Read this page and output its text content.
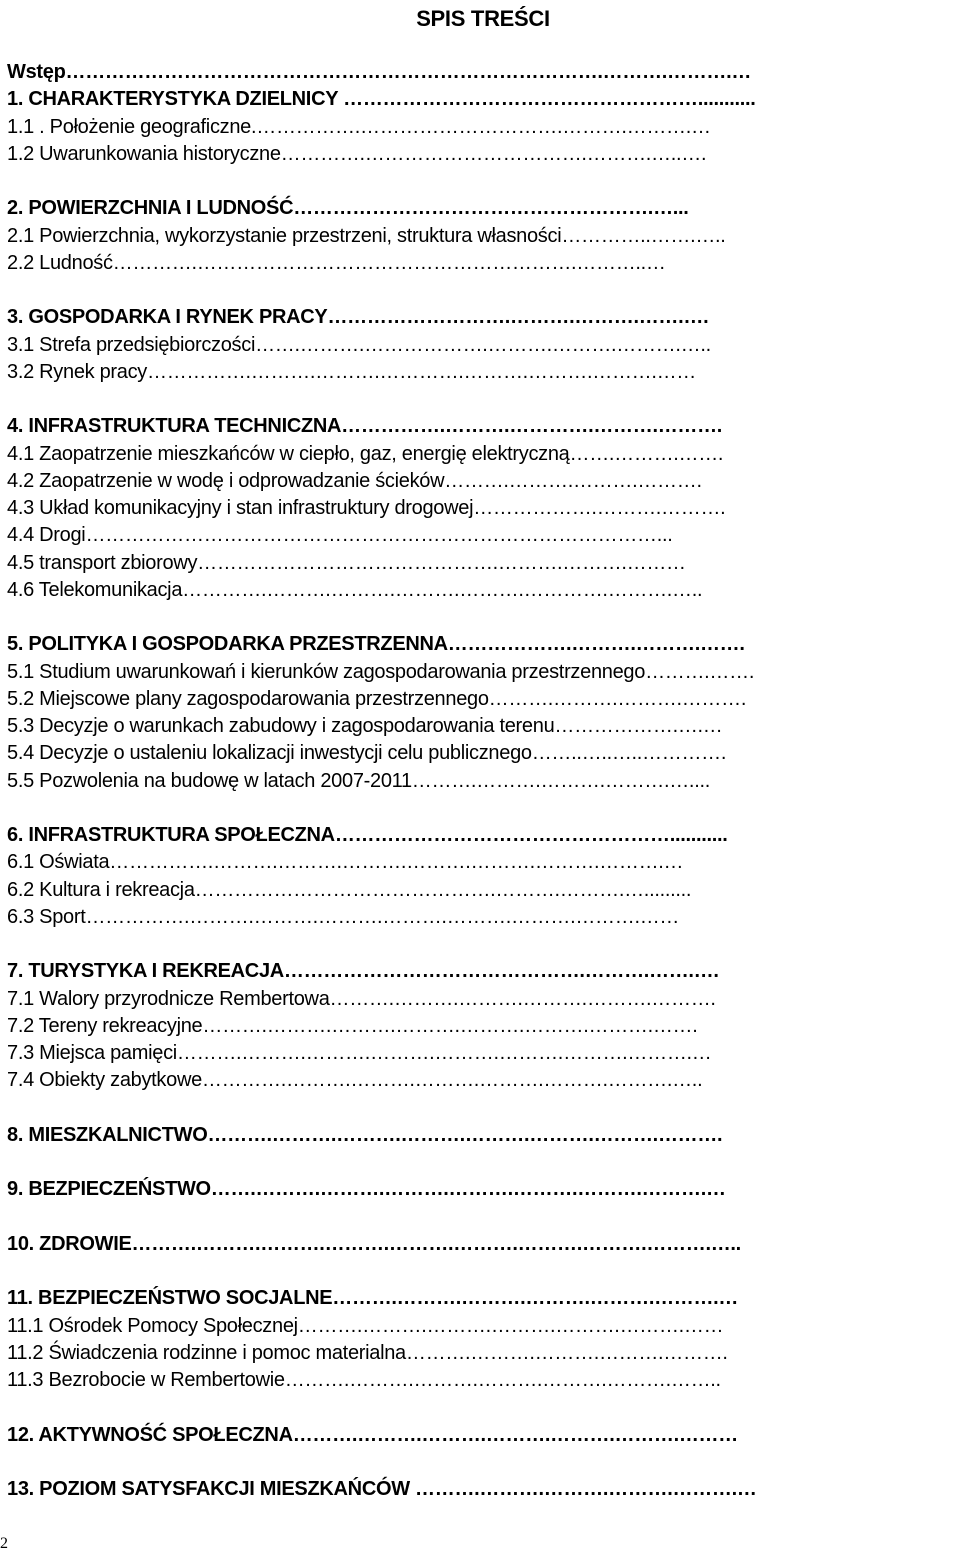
SPIS TREŚCI
Wstęp……………………………………………………………………….……….……….…
1. CHARAKTERYSTYKA DZIELNICY ………………………………………………...........
1.1 . Położenie geograficzne.…………….………………………….……….……….…
1.2 Uwarunkowania historyczne………….…………………………….……….…..….
2. POWIERZCHNIA I LUDNOŚĆ……………………………………………….…...
2.1 Powierzchnia, wykorzystanie przestrzeni, struktura własności…………..…….…..
2.2 Ludność………….………………………………………………….………..…
3. GOSPODARKA I RYNEK PRACY……………………….……….……….…….….
3.1 Strefa przedsiębiorczości…….……….……………….……….……….……….…..
3.2 Rynek pracy…………….……….……….………….……….……….……….……
4. INFRASTRUKTURA TECHNICZNA…………….……….………….……….……….
4.1 Zaopatrzenie mieszkańców w ciepło, gaz, energię elektryczną…….……….…….
4.2 Zaopatrzenie w wodę i odprowadzanie ścieków……….……….……….……….
4.3 Układ komunikacyjny i stan infrastruktury drogowej……………….……….……….
4.4 Drogi……………………………………………………………………………...
4.5 transport zbiorowy……………………………………….……….……….………
4.6 Telekomunikacja………….……….……….……….……….………….……….…..
5. POLITYKA I GOSPODARKA PRZESTRZENNA……………….……….……….…….
5.1 Studium uwarunkowań i kierunków zagospodarowania przestrzennego……….…….
5.2 Miejscowe plany zagospodarowania przestrzennego……….……….……….……….
5.3 Decyzje o warunkach zabudowy i zagospodarowania terenu……………….….…
5.4 Decyzje o ustaleniu lokalizacji inwestycji celu publicznego……..…..…..………….
5.5 Pozwolenia na budowę w latach 2007-2011……….……….……….……….…....
6. INFRASTRUKTURA SPOŁECZNA……………………………………………...........
6.1 Oświata…………….……….……….……….……….……….……….……….…
6.2 Kultura i rekreacja……………………………………….……….……….….........
6.3 Sport…………….……….……….……….……….……….……….……….……
7. TURYSTYKA I REKREACJA……………………………………….……….…….….
7.1 Walory przyrodnicze Rembertowa……….……….……….……….……….……….
7.2 Tereny rekreacyjne……….……….……….……….……….……….……….…….
7.3 Miejsca pamięci……….……….……….……….……….……….……….……….…
7.4 Obiekty zabytkowe………….……….……….……….……….……….……….…..
8. MIESZKALNICTWO……….……….……….……….……….……….……….……….
9. BEZPIECZEŃSTWO…….……….……….……….……….……….……….……….…
10. ZDROWIE……….……….……….……….……….……….……….……….……….…..
11. BEZPIECZEŃSTWO SOCJALNE……….……….……….……….……….……….…
11.1 Ośrodek Pomocy Społecznej……….……….……….……….……….……….……
11.2 Świadczenia rodzinne i pomoc materialna……….……….……….……….……….
11.3 Bezrobocie w Rembertowie……….……….……….……….……….……….……..
12. AKTYWNOŚĆ SPOŁECZNA……….……….……….……….……….……….………
13. POZIOM SATYSFAKCJI MIESZKAŃCÓW ……….……….……….……….……….…
2
